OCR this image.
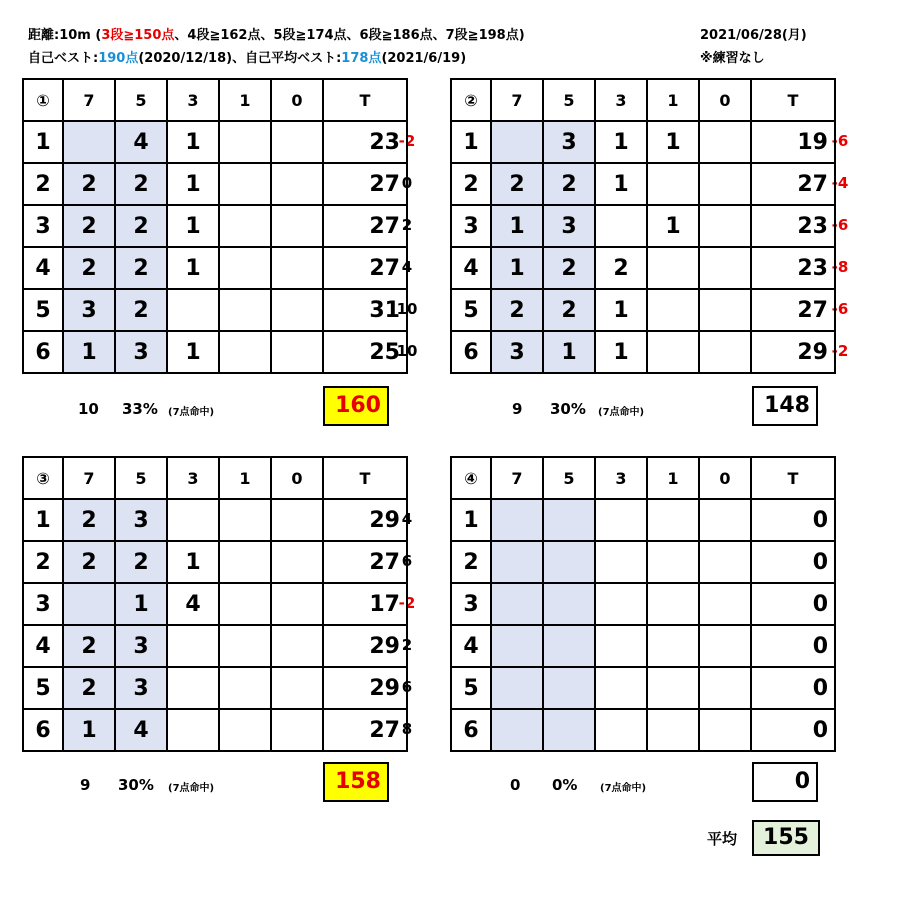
距離:10m (3段≧150点、4段≧162点、5段≧174点、6段≧186点、7段≧198点)
自己ベスト:190点(2020/12/18)、自己平均ベスト:178点(2021/6/19)
2021/06/28(月)
※練習なし
-2
0
2
4
10
10
①	7	5	3	1	0	T
1		4	1			23
2	2	2	1			27
3	2	2	1			27
4	2	2	1			27
5	3	2				31
6	1	3	1			25
10 33% (7点命中)	160
-6
-4
-6
-8
-6
-2
②	7	5	3	1	0	T
1		3	1	1		19
2	2	2	1			27
3	1	3		1		23
4	1	2	2			23
5	2	2	1			27
6	3	1	1			29
9 30% (7点命中)	148
4
6
-2
2
6
8
③	7	5	3	1	0	T
1	2	3				29
2	2	2	1			27
3		1	4			17
4	2	3				29
5	2	3				29
6	1	4				27
9 30% (7点命中)	158
④	7	5	3	1	0	T
1						0
2						0
3						0
4						0
5						0
6						0
0 0% (7点命中)	0
平均	155
